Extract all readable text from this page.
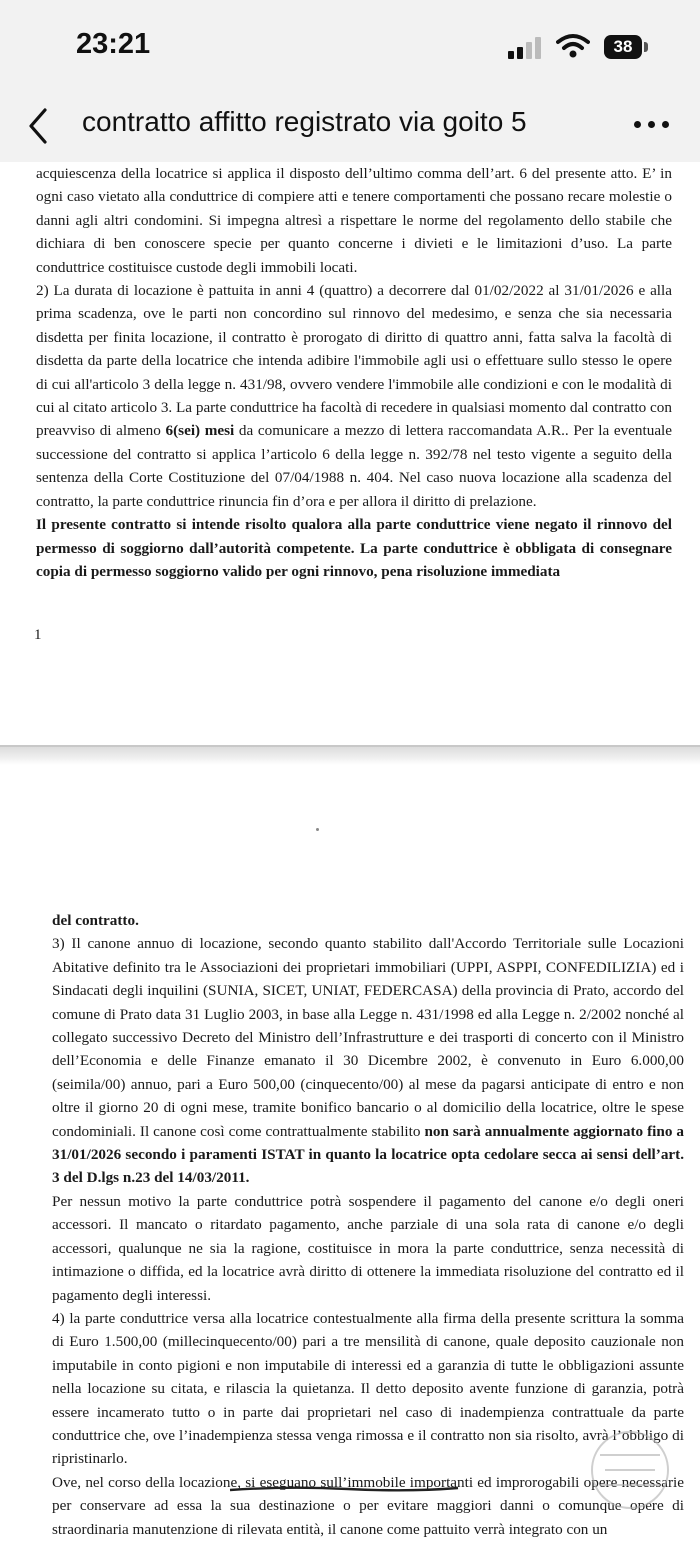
23:21	38
contratto affitto registrato via goito 5

acquiescenza della locatrice si applica il disposto dell’ultimo comma dell’art. 6 del presente atto. E’ in ogni caso vietato alla conduttrice di compiere atti e tenere comportamenti che possano recare molestie o danni agli altri condomini. Si impegna altresì a rispettare le norme del regolamento dello stabile che dichiara di ben conoscere specie per quanto concerne i divieti e le limitazioni d’uso. La parte conduttrice costituisce custode degli immobili locati.

2) La durata di locazione è pattuita in anni 4 (quattro) a decorrere dal 01/02/2022 al 31/01/2026 e alla prima scadenza, ove le parti non concordino sul rinnovo del medesimo, e senza che sia necessaria disdetta per finita locazione, il contratto è prorogato di diritto di quattro anni, fatta salva la facoltà di disdetta da parte della locatrice che intenda adibire l'immobile agli usi o effettuare sullo stesso le opere di cui all'articolo 3 della legge n. 431/98, ovvero vendere l'immobile alle condizioni e con le modalità di cui al citato articolo 3. La parte conduttrice ha facoltà di recedere in qualsiasi momento dal contratto con preavviso di almeno 6(sei) mesi da comunicare a mezzo di lettera raccomandata A.R.. Per la eventuale successione del contratto si applica l’articolo 6 della legge n. 392/78 nel testo vigente a seguito della sentenza della Corte Costituzione del 07/04/1988 n. 404. Nel caso nuova locazione alla scadenza del contratto, la parte conduttrice rinuncia fin d’ora e per allora il diritto di prelazione.

Il presente contratto si intende risolto qualora alla parte conduttrice viene negato il rinnovo del permesso di soggiorno dall’autorità competente. La parte conduttrice è obbligata di consegnare copia di permesso soggiorno valido per ogni rinnovo, pena risoluzione immediata

1

del contratto.

3) Il canone annuo di locazione, secondo quanto stabilito dall'Accordo Territoriale sulle Locazioni Abitative definito tra le Associazioni dei proprietari immobiliari (UPPI, ASPPI, CONFEDILIZIA) ed i Sindacati degli inquilini (SUNIA, SICET, UNIAT, FEDERCASA) della provincia di Prato, accordo del comune di Prato data 31 Luglio 2003, in base alla Legge n. 431/1998 ed alla Legge n. 2/2002 nonché al collegato successivo Decreto del Ministro dell’Infrastrutture e dei trasporti di concerto con il Ministro dell’Economia e delle Finanze emanato il 30 Dicembre 2002, è convenuto in Euro 6.000,00 (seimila/00) annuo, pari a Euro 500,00 (cinquecento/00) al mese da pagarsi anticipate di entro e non oltre il giorno 20 di ogni mese, tramite bonifico bancario o al domicilio della locatrice, oltre le spese condominiali. Il canone così come contrattualmente stabilito non sarà annualmente aggiornato fino a 31/01/2026 secondo i paramenti ISTAT in quanto la locatrice opta cedolare secca ai sensi dell’art. 3 del D.lgs n.23 del 14/03/2011.

Per nessun motivo la parte conduttrice potrà sospendere il pagamento del canone e/o degli oneri accessori. Il mancato o ritardato pagamento, anche parziale di una sola rata di canone e/o degli accessori, qualunque ne sia la ragione, costituisce in mora la parte conduttrice, senza necessità di intimazione o diffida, ed la locatrice avrà diritto di ottenere la immediata risoluzione del contratto ed il pagamento degli interessi.

4) la parte conduttrice versa alla locatrice contestualmente alla firma della presente scrittura la somma di Euro 1.500,00 (millecinquecento/00) pari a tre mensilità di canone, quale deposito cauzionale non imputabile in conto pigioni e non imputabile di interessi ed a garanzia di tutte le obbligazioni assunte nella locazione su citata, e rilascia la quietanza. Il detto deposito avente funzione di garanzia, potrà essere incamerato tutto o in parte dai proprietari nel caso di inadempienza contrattuale da parte conduttrice che, ove l’inadempienza stessa venga rimossa e il contratto non sia risolto, avrà l’obbligo di ripristinarlo.

Ove, nel corso della locazione, si eseguano sull’immobile importanti ed improrogabili opere necessarie per conservare ad essa la sua destinazione o per evitare maggiori danni o comunque opere di straordinaria manutenzione di rilevata entità, il canone come pattuito verrà integrato con un
